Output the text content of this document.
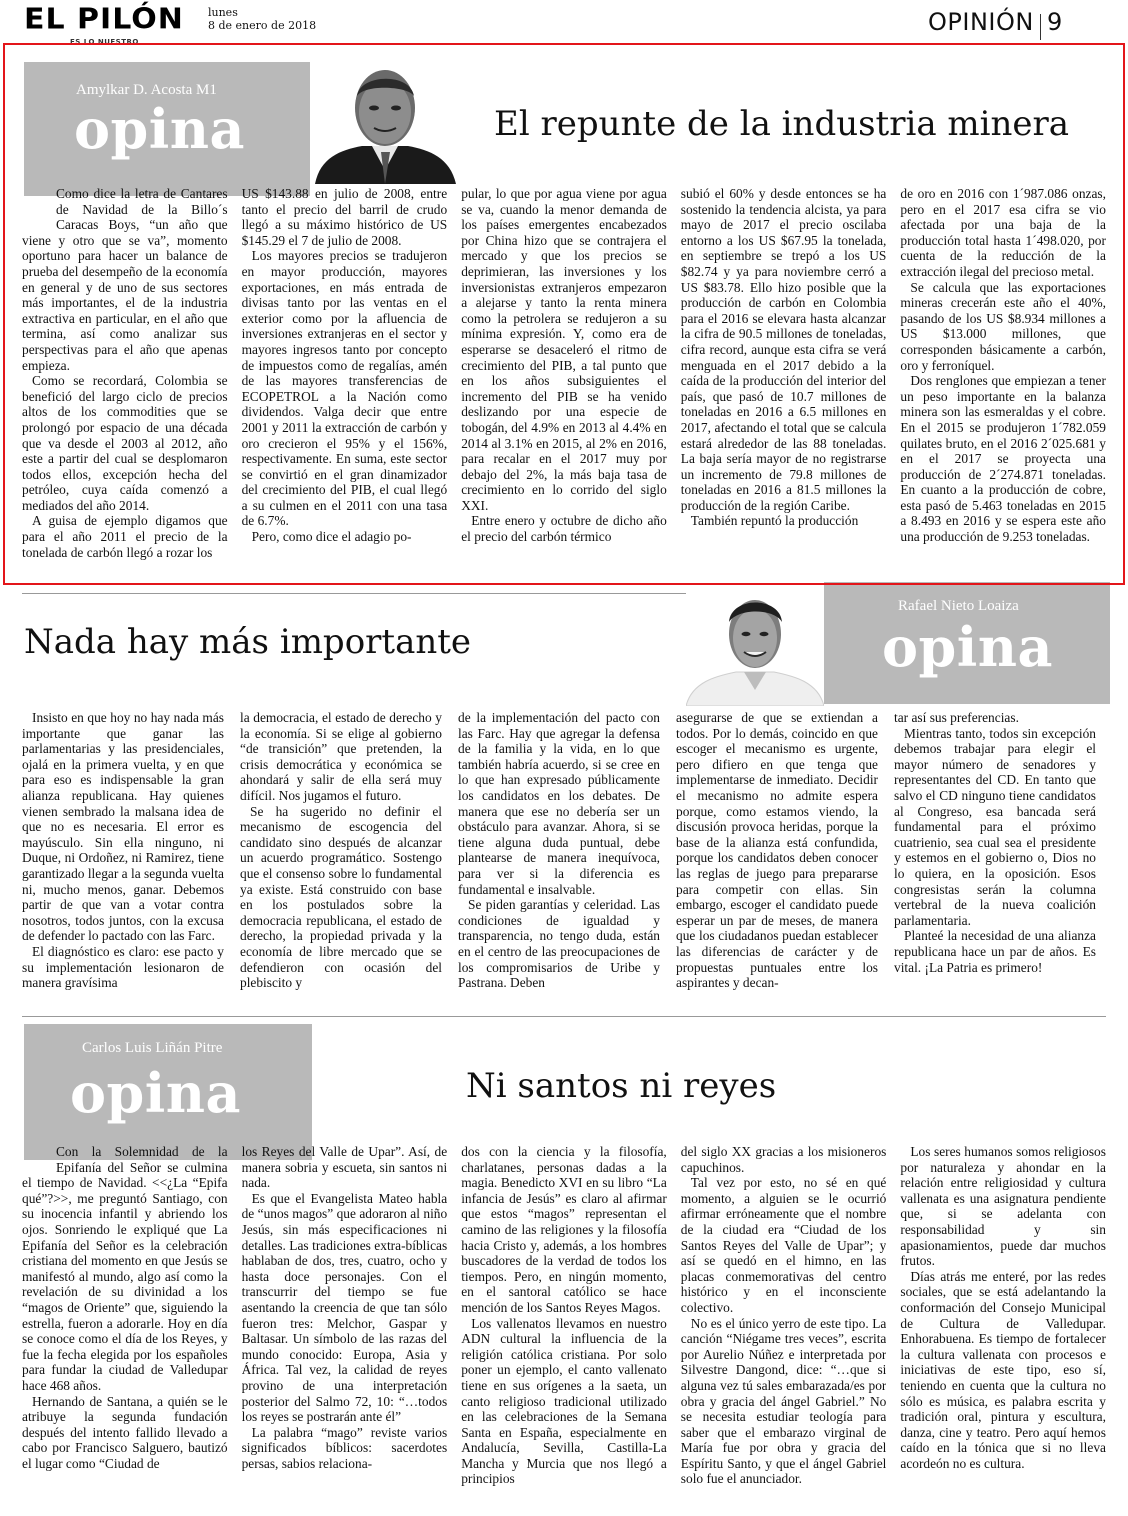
EL PILÓN
ES LO NUESTRO
lunes
8 de enero de 2018	OPINIÓN 9
Amylkar D. Acosta M1
opina	El repunte de la industria minera

Como dice la letra de Cantares de Navidad de la Billo´s Caracas Boys, “un año que viene y otro que se va”, momento oportuno para hacer un balance de prueba del desempeño de la economía en general y de uno de sus sectores más importantes, el de la industria extractiva en particular, en el año que termina, así como analizar sus perspectivas para el año que apenas empieza.

Como se recordará, Colombia se benefició del largo ciclo de precios altos de los commodities que se prolongó por espacio de una década que va desde el 2003 al 2012, año este a partir del cual se desplomaron todos ellos, excepción hecha del petróleo, cuya caída comenzó a mediados del año 2014.

A guisa de ejemplo digamos que para el año 2011 el precio de la tonelada de carbón llegó a rozar los

US $143.88 en julio de 2008, entre tanto el precio del barril de crudo llegó a su máximo histórico de US $145.29 el 7 de julio de 2008.

Los mayores precios se tradujeron en mayor producción, mayores exportaciones, en más entrada de divisas tanto por las ventas en el exterior como por la afluencia de inversiones extranjeras en el sector y mayores ingresos tanto por concepto de impuestos como de regalías, amén de las mayores transferencias de ECOPETROL a la Nación como dividendos. Valga decir que entre 2001 y 2011 la extracción de carbón y oro crecieron el 95% y el 156%, respectivamente. En suma, este sector se convirtió en el gran dinamizador del crecimiento del PIB, el cual llegó a su culmen en el 2011 con una tasa de 6.7%.

Pero, como dice el adagio po-

pular, lo que por agua viene por agua se va, cuando la menor demanda de los países emergentes encabezados por China hizo que se contrajera el mercado y que los precios se deprimieran, las inversiones y los inversionistas extranjeros empezaron a alejarse y tanto la renta minera como la petrolera se redujeron a su mínima expresión. Y, como era de esperarse se desaceleró el ritmo de crecimiento del PIB, a tal punto que en los años subsiguientes el incremento del PIB se ha venido deslizando por una especie de tobogán, del 4.9% en 2013 al 4.4% en 2014 al 3.1% en 2015, al 2% en 2016, para recalar en el 2017 muy por debajo del 2%, la más baja tasa de crecimiento en lo corrido del siglo XXI.

Entre enero y octubre de dicho año el precio del carbón térmico

subió el 60% y desde entonces se ha sostenido la tendencia alcista, ya para mayo de 2017 el precio oscilaba entorno a los US $67.95 la tonelada, en septiembre se trepó a los US $82.74 y ya para noviembre cerró a US $83.78. Ello hizo posible que la producción de carbón en Colombia para el 2016 se elevara hasta alcanzar la cifra de 90.5 millones de toneladas, cifra record, aunque esta cifra se verá menguada en el 2017 debido a la caída de la producción del interior del país, que pasó de 10.7 millones de toneladas en 2016 a 6.5 millones en 2017, afectando el total que se calcula estará alrededor de las 88 toneladas. La baja sería mayor de no registrarse un incremento de 79.8 millones de toneladas en 2016 a 81.5 millones la producción de la región Caribe.

También repuntó la producción

de oro en 2016 con 1´987.086 onzas, pero en el 2017 esa cifra se vio afectada por una baja de la producción total hasta 1´498.020, por cuenta de la reducción de la extracción ilegal del precioso metal.

Se calcula que las exportaciones mineras crecerán este año el 40%, pasando de los US $8.934 millones a US $13.000 millones, que corresponden básicamente a carbón, oro y ferroníquel.

Dos renglones que empiezan a tener un peso importante en la balanza minera son las esmeraldas y el cobre. En el 2015 se produjeron 1´782.059 quilates bruto, en el 2016 2´025.681 y en el 2017 se proyecta una producción de 2´274.871 toneladas. En cuanto a la producción de cobre, esta pasó de 5.463 toneladas en 2015 a 8.493 en 2016 y se espera este año una producción de 9.253 toneladas.

Rafael Nieto Loaiza
opina
Nada hay más importante

Insisto en que hoy no hay nada más importante que ganar las parlamentarias y las presidenciales, ojalá en la primera vuelta, y en que para eso es indispensable la gran alianza republicana. Hay quienes vienen sembrado la malsana idea de que no es necesaria. El error es mayúsculo. Sin ella ninguno, ni Duque, ni Ordoñez, ni Ramirez, tiene garantizado llegar a la segunda vuelta ni, mucho menos, ganar. Debemos partir de que van a votar contra nosotros, todos juntos, con la excusa de defender lo pactado con las Farc.

El diagnóstico es claro: ese pacto y su implementación lesionaron de manera gravísima

la democracia, el estado de derecho y la economía. Si se elige al gobierno “de transición” que pretenden, la crisis democrática y económica se ahondará y salir de ella será muy difícil. Nos jugamos el futuro.

Se ha sugerido no definir el mecanismo de escogencia del candidato sino después de alcanzar un acuerdo programático. Sostengo que el consenso sobre lo fundamental ya existe. Está construido con base en los postulados sobre la democracia republicana, el estado de derecho, la propiedad privada y la economía de libre mercado que se defendieron con ocasión del plebiscito y

de la implementación del pacto con las Farc. Hay que agregar la defensa de la familia y la vida, en lo que también habría acuerdo, si se cree en lo que han expresado públicamente los candidatos en los debates. De manera que ese no debería ser un obstáculo para avanzar. Ahora, si se tiene alguna duda puntual, debe plantearse de manera inequívoca, para ver si la diferencia es fundamental e insalvable.

Se piden garantías y celeridad. Las condiciones de igualdad y transparencia, no tengo duda, están en el centro de las preocupaciones de los compromisarios de Uribe y Pastrana. Deben

asegurarse de que se extiendan a todos. Por lo demás, coincido en que escoger el mecanismo es urgente, pero difiero en que tenga que implementarse de inmediato. Decidir el mecanismo no admite espera porque, como estamos viendo, la discusión provoca heridas, porque la base de la alianza está confundida, porque los candidatos deben conocer las reglas de juego para prepararse para competir con ellas. Sin embargo, escoger el candidato puede esperar un par de meses, de manera que los ciudadanos puedan establecer las diferencias de carácter y de propuestas puntuales entre los aspirantes y decan-

tar así sus preferencias.

Mientras tanto, todos sin excepción debemos trabajar para elegir el mayor número de senadores y representantes del CD. En tanto que salvo el CD ninguno tiene candidatos al Congreso, esa bancada será fundamental para el próximo cuatrienio, sea cual sea el presidente y estemos en el gobierno o, Dios no lo quiera, en la oposición. Esos congresistas serán la columna vertebral de la nueva coalición parlamentaria.

Planteé la necesidad de una alianza republicana hace un par de años. Es vital. ¡La Patria es primero!

Carlos Luis Liñán Pitre
opina	Ni santos ni reyes

Con la Solemnidad de la Epifanía del Señor se culmina el tiempo de Navidad. <<¿La “Epifa qué”?>>, me preguntó Santiago, con su inocencia infantil y abriendo los ojos. Sonriendo le expliqué que La Epifanía del Señor es la celebración cristiana del momento en que Jesús se manifestó al mundo, algo así como la revelación de su divinidad a los “magos de Oriente” que, siguiendo la estrella, fueron a adorarle. Hoy en día se conoce como el día de los Reyes, y fue la fecha elegida por los españoles para fundar la ciudad de Valledupar hace 468 años.

Hernando de Santana, a quién se le atribuye la segunda fundación después del intento fallido llevado a cabo por Francisco Salguero, bautizó el lugar como “Ciudad de

los Reyes del Valle de Upar”. Así, de manera sobria y escueta, sin santos ni nada.

Es que el Evangelista Mateo habla de “unos magos” que adoraron al niño Jesús, sin más especificaciones ni detalles. Las tradiciones extra-bíblicas hablaban de dos, tres, cuatro, ocho y hasta doce personajes. Con el transcurrir del tiempo se fue asentando la creencia de que tan sólo fueron tres: Melchor, Gaspar y Baltasar. Un símbolo de las razas del mundo conocido: Europa, Asia y África. Tal vez, la calidad de reyes provino de una interpretación posterior del Salmo 72, 10: “…todos los reyes se postrarán ante él”

La palabra “mago” reviste varios significados bíblicos: sacerdotes persas, sabios relaciona-

dos con la ciencia y la filosofía, charlatanes, personas dadas a la magia. Benedicto XVI en su libro “La infancia de Jesús” es claro al afirmar que estos “magos” representan el camino de las religiones y la filosofía hacia Cristo y, además, a los hombres buscadores de la verdad de todos los tiempos. Pero, en ningún momento, en el santoral católico se hace mención de los Santos Reyes Magos.

Los vallenatos llevamos en nuestro ADN cultural la influencia de la religión católica cristiana. Por solo poner un ejemplo, el canto vallenato tiene en sus orígenes a la saeta, un canto religioso tradicional utilizado en las celebraciones de la Semana Santa en España, especialmente en Andalucía, Sevilla, Castilla-La Mancha y Murcia que nos llegó a principios

del siglo XX gracias a los misioneros capuchinos.

Tal vez por esto, no sé en qué momento, a alguien se le ocurrió afirmar erróneamente que el nombre de la ciudad era “Ciudad de los Santos Reyes del Valle de Upar”; y así se quedó en el himno, en las placas conmemorativas del centro histórico y en el inconsciente colectivo.

No es el único yerro de este tipo. La canción “Niégame tres veces”, escrita por Aurelio Núñez e interpretada por Silvestre Dangond, dice: “…que si alguna vez tú sales embarazada/es por obra y gracia del ángel Gabriel.” No se necesita estudiar teología para saber que el embarazo virginal de María fue por obra y gracia del Espíritu Santo, y que el ángel Gabriel solo fue el anunciador.

Los seres humanos somos religiosos por naturaleza y ahondar en la relación entre religiosidad y cultura vallenata es una asignatura pendiente que, si se adelanta con responsabilidad y sin apasionamientos, puede dar muchos frutos.

Días atrás me enteré, por las redes sociales, que se está adelantando la conformación del Consejo Municipal de Cultura de Valledupar. Enhorabuena. Es tiempo de fortalecer la cultura vallenata con procesos e iniciativas de este tipo, eso sí, teniendo en cuenta que la cultura no sólo es música, es palabra escrita y tradición oral, pintura y escultura, danza, cine y teatro. Pero aquí hemos caído en la tónica que si no lleva acordeón no es cultura.
